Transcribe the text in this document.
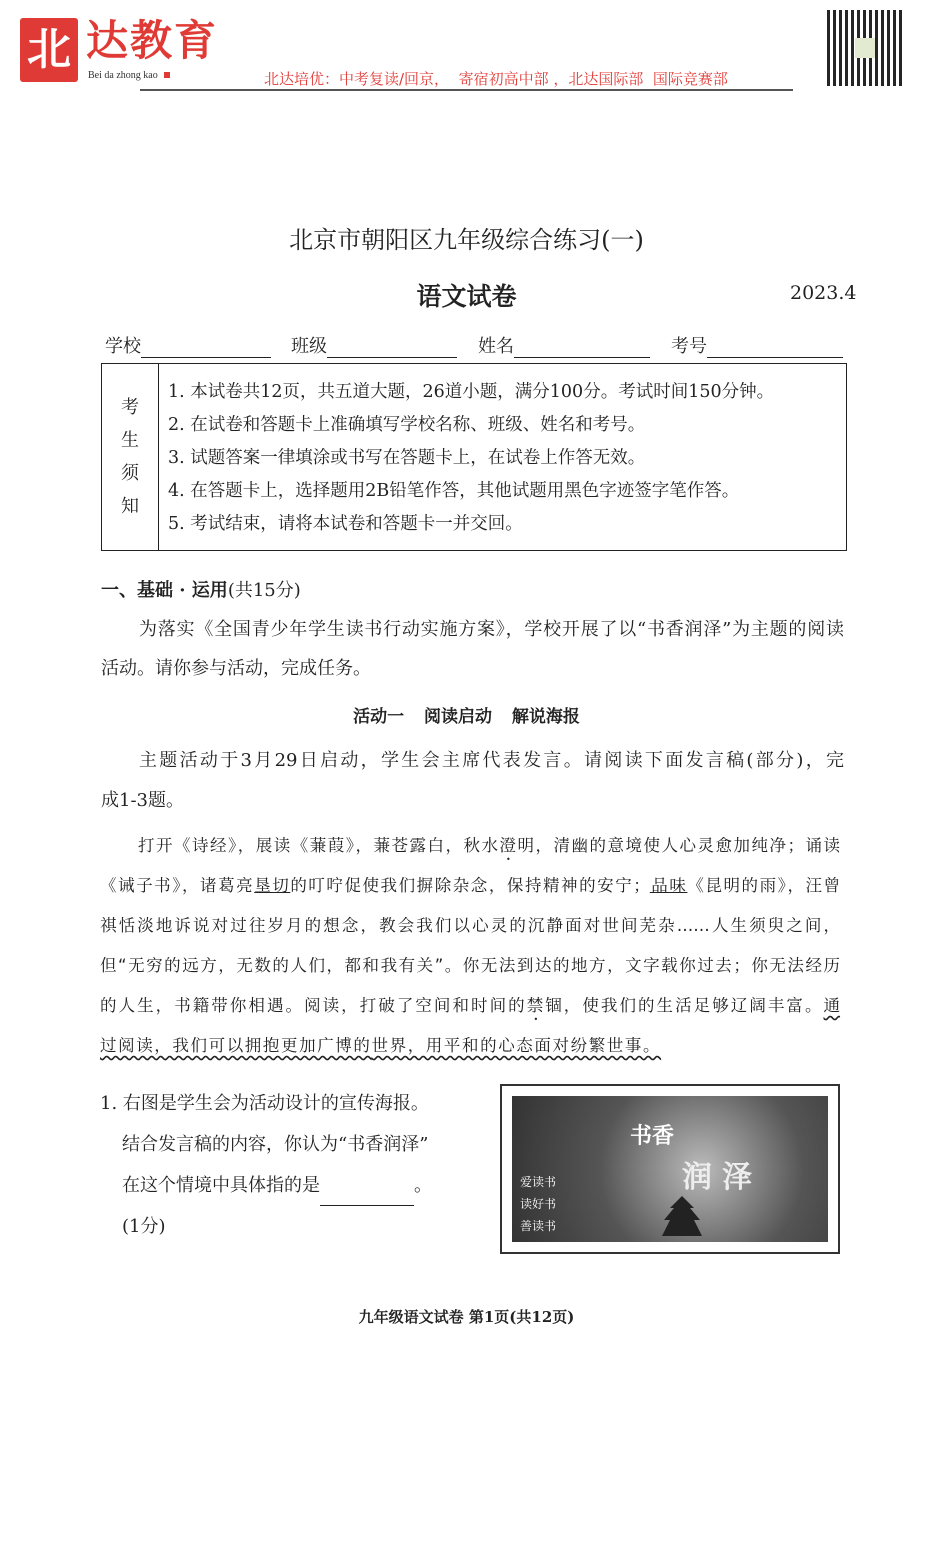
北 达教育
Bei da zhong kao	北达培优：中考复读/回京，  寄宿初高中部 ，北达国际部  国际竞赛部
北京市朝阳区九年级综合练习(一)
语文试卷	2023.4
学校	班级	姓名	考号
考
生
须
知
1. 本试卷共12页，共五道大题，26道小题，满分100分。考试时间150分钟。
2. 在试卷和答题卡上准确填写学校名称、班级、姓名和考号。
3. 试题答案一律填涂或书写在答题卡上，在试卷上作答无效。
4. 在答题卡上，选择题用2B铅笔作答，其他试题用黑色字迹签字笔作答。
5. 考试结束，请将本试卷和答题卡一并交回。
一、基础 · 运用(共15分)
为落实《全国青少年学生读书行动实施方案》，学校开展了以“书香润泽”为主题的阅读
活动。请你参与活动，完成任务。
活动一 阅读启动 解说海报
主题活动于3月29日启动，学生会主席代表发言。请阅读下面发言稿(部分)，完
成1-3题。
打开《诗经》，展读《蒹葭》，蒹苍露白，秋水澄明，清幽的意境使人心灵愈加纯净；诵读
《诫子书》，诸葛亮垦切的叮咛促使我们摒除杂念，保持精神的安宁；品味《昆明的雨》，汪曾
祺恬淡地诉说对过往岁月的想念，教会我们以心灵的沉静面对世间芜杂……人生须臾之间，
但“无穷的远方，无数的人们，都和我有关”。你无法到达的地方，文字载你过去；你无法经历
的人生，书籍带你相遇。阅读，打破了空间和时间的禁锢，使我们的生活足够辽阔丰富。通
过阅读，我们可以拥抱更加广博的世界，用平和的心态面对纷繁世事。
1. 右图是学生会为活动设计的宣传海报。
结合发言稿的内容，你认为“书香润泽”
在这个情境中具体指的是	。
(1分)
书香
润泽
爱读书
读好书
善读书
九年级语文试卷 第1页(共12页)
